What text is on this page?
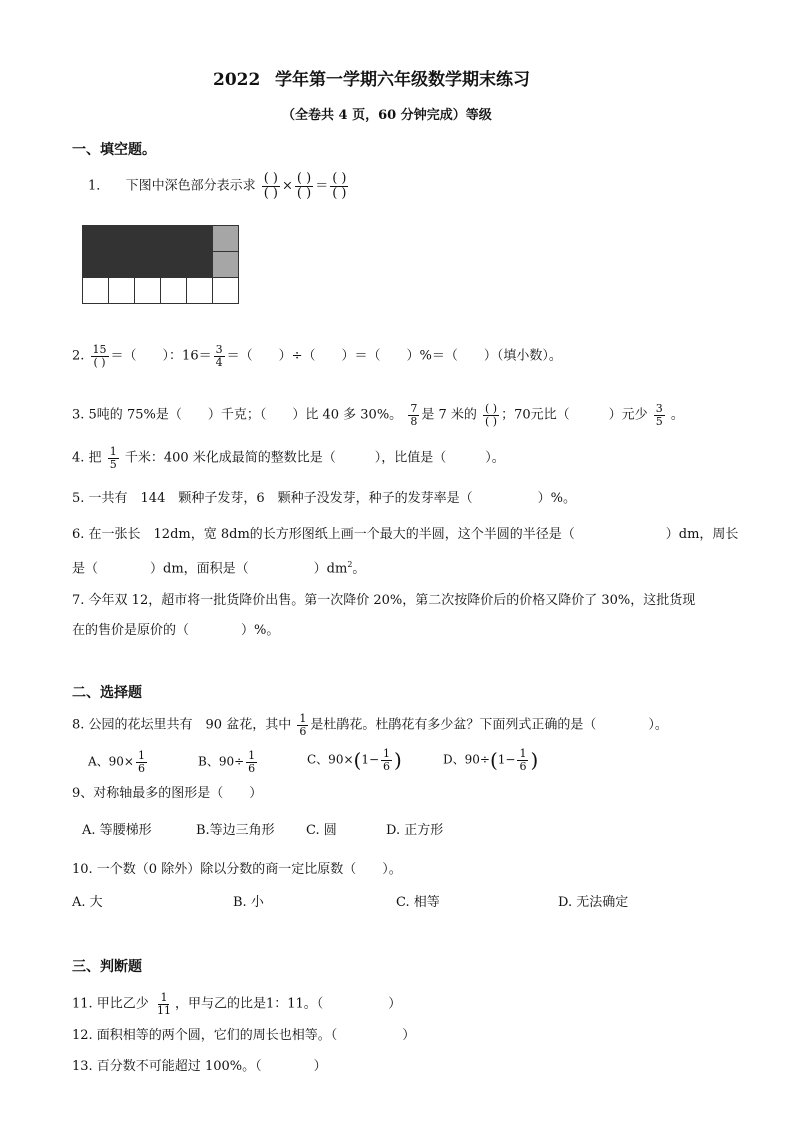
2022 学年第一学期六年级数学期末练习
（全卷共 4 页，60 分钟完成）等级
一、填空题。
1． 下图中深色部分表示求 $\frac{( )}{( )} \times \frac{( )}{( )} = \frac{( )}{( )}$

2. $\frac{15}{( )}$ ＝（　　）：$16= \frac{3}{4}$ ＝（　　）÷（　　）＝（　　）%＝（　　）（填小数）。
3. 5吨的 75%是（　　）千克；（　　）比 40 多 30%。 $\frac{7}{8}$ 是 7 米的 $\frac{( )}{( )}$ ；70元比（　　　）元少 $\frac{3}{5}$ 。
4. 把 $\frac{1}{5}$ 千米：400 米化成最简的整数比是（　　　），比值是（　　　）。
5. 一共有　144　颗种子发芽，6　颗种子没发芽，种子的发芽率是（　　　　　）%。
6. 在一张长　12dm，宽 8dm的长方形图纸上画一个最大的半圆，这个半圆的半径是（　　　　　　　）dm，周长
是（　　　　）dm，面积是（　　　　　）$dm^2$。
7. 今年双 12，超市将一批货降价出售。第一次降价 20%，第二次按降价后的价格又降价了 30%，这批货现
在的售价是原价的（　　　　）%。
二、选择题
8. 公园的花坛里共有　90 盆花，其中 $\frac{1}{6}$ 是杜鹃花。杜鹃花有多少盆？下面列式正确的是（　　　　）。
A、$90\times \frac{1}{6}$	B、$90\div \frac{1}{6}$	C、$90\times(1- \frac{1}{6}$ )	D、$90\div(1- \frac{1}{6}$ )
9、对称轴最多的图形是（　　）
A. 等腰梯形	B.等边三角形 C. 圆	D. 正方形
10. 一个数（0 除外）除以分数的商一定比原数（　　）。
A. 大	B. 小	C. 相等	D. 无法确定
三、判断题
11. 甲比乙少 $\frac{1}{11}$ ，甲与乙的比是1：11。（　　　　　）
12. 面积相等的两个圆，它们的周长也相等。（　　　　　）
13. 百分数不可能超过 100%。（　　　　）
